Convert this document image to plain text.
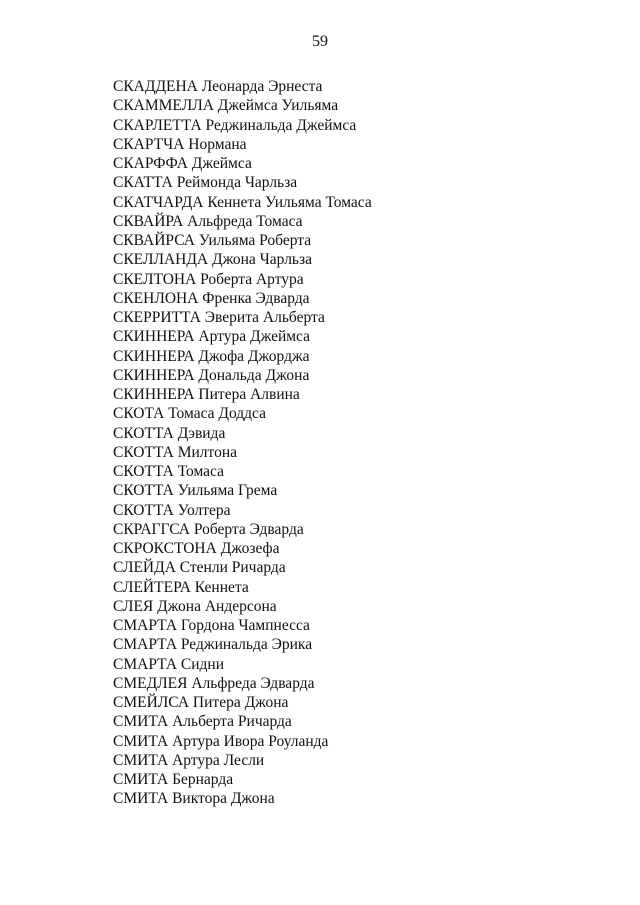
59
СКАДДЕНА Леонарда Эрнеста
СКАММЕЛЛА Джеймса Уильяма
СКАРЛЕТТА Реджинальда Джеймса
СКАРТЧА Нормана
СКАРФФА Джеймса
СКАТТА Реймонда Чарльза
СКАТЧАРДА Кеннета Уильяма Томаса
СКВАЙРА Альфреда Томаса
СКВАЙРСА Уильяма Роберта
СКЕЛЛАНДА Джона Чарльза
СКЕЛТОНА Роберта Артура
СКЕНЛОНА Френка Эдварда
СКЕРРИТТА Эверита Альберта
СКИННЕРА Артура Джеймса
СКИННЕРА Джофа Джорджа
СКИННЕРА Дональда Джона
СКИННЕРА Питера Алвина
СКОТА Томаса Доддса
СКОТТА Дэвида
СКОТТА Милтона
СКОТТА Томаса
СКОТТА Уильяма Грема
СКОТТА Уолтера
СКРАГГСА Роберта Эдварда
СКРОКСТОНА Джозефа
СЛЕЙДА Стенли Ричарда
СЛЕЙТЕРА Кеннета
СЛЕЯ Джона Андерсона
СМАРТА Гордона Чампнесса
СМАРТА Реджинальда Эрика
СМАРТА Сидни
СМЕДЛЕЯ Альфреда Эдварда
СМЕЙЛСА Питера Джона
СМИТА Альберта Ричарда
СМИТА Артура Ивора Роуланда
СМИТА Артура Лесли
СМИТА Бернарда
СМИТА Виктора Джона
